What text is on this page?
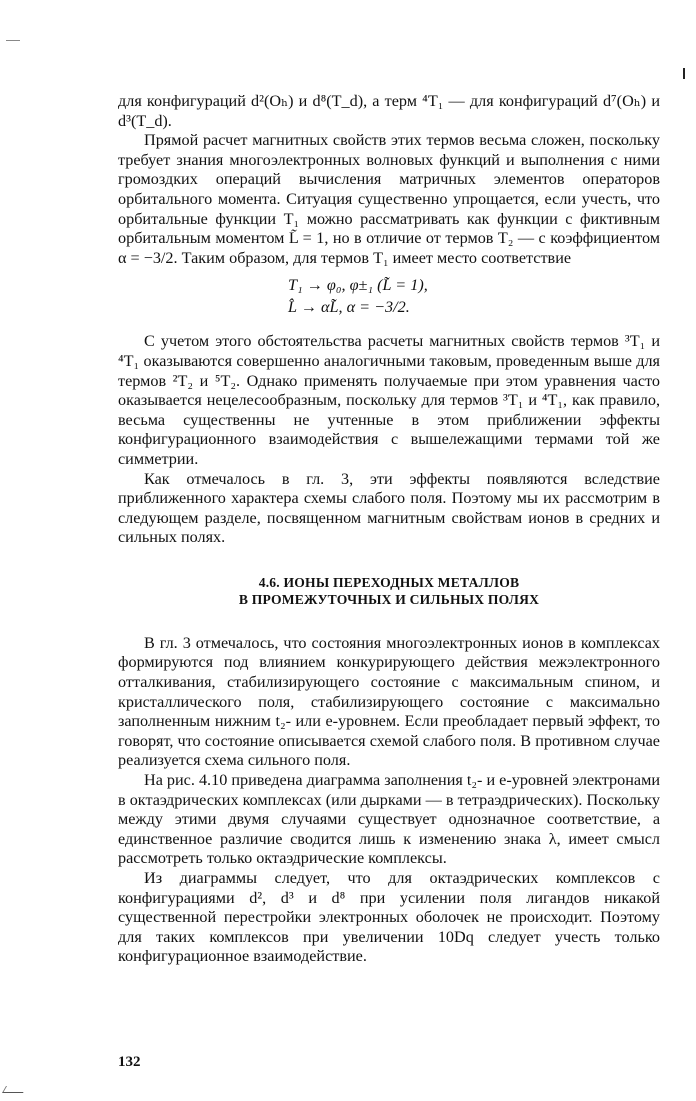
для конфигураций d²(Oₕ) и d⁸(T_d), а терм ⁴T₁ — для конфигураций d⁷(Oₕ) и d³(T_d).

Прямой расчет магнитных свойств этих термов весьма сложен, поскольку требует знания многоэлектронных волновых функций и выполнения с ними громоздких операций вычисления матричных элементов операторов орбитального момента. Ситуация существенно упрощается, если учесть, что орбитальные функции T₁ можно рассматривать как функции с фиктивным орбитальным моментом L̃ = 1, но в отличие от термов T₂ — с коэффициентом α = −3/2. Таким образом, для термов T₁ имеет место соответствие

T₁ → φ₀, φ±₁ (L̃ = 1),
L̂ → αL̃, α = −3/2.

С учетом этого обстоятельства расчеты магнитных свойств термов ³T₁ и ⁴T₁ оказываются совершенно аналогичными таковым, проведенным выше для термов ²T₂ и ⁵T₂. Однако применять получаемые при этом уравнения часто оказывается нецелесообразным, поскольку для термов ³T₁ и ⁴T₁, как правило, весьма существенны не учтенные в этом приближении эффекты конфигурационного взаимодействия с вышележащими термами той же симметрии.

Как отмечалось в гл. 3, эти эффекты появляются вследствие приближенного характера схемы слабого поля. Поэтому мы их рассмотрим в следующем разделе, посвященном магнитным свойствам ионов в средних и сильных полях.

4.6. ИОНЫ ПЕРЕХОДНЫХ МЕТАЛЛОВ
В ПРОМЕЖУТОЧНЫХ И СИЛЬНЫХ ПОЛЯХ

В гл. 3 отмечалось, что состояния многоэлектронных ионов в комплексах формируются под влиянием конкурирующего действия межэлектронного отталкивания, стабилизирующего состояние с максимальным спином, и кристаллического поля, стабилизирующего состояние с максимально заполненным нижним t₂- или e-уровнем. Если преобладает первый эффект, то говорят, что состояние описывается схемой слабого поля. В противном случае реализуется схема сильного поля.

На рис. 4.10 приведена диаграмма заполнения t₂- и e-уровней электронами в октаэдрических комплексах (или дырками — в тетраэдрических). Поскольку между этими двумя случаями существует однозначное соответствие, а единственное различие сводится лишь к изменению знака λ, имеет смысл рассмотреть только октаэдрические комплексы.

Из диаграммы следует, что для октаэдрических комплексов с конфигурациями d², d³ и d⁸ при усилении поля лигандов никакой существенной перестройки электронных оболочек не происходит. Поэтому для таких комплексов при увеличении 10Dq следует учесть только конфигурационное взаимодействие.

132
